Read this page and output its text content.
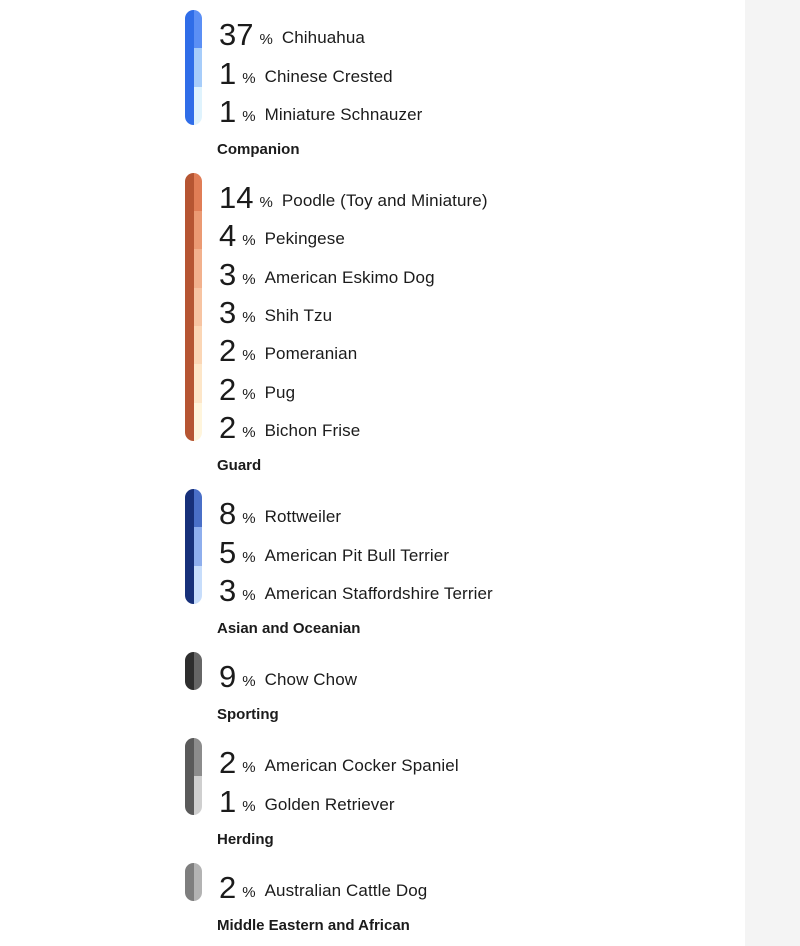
37 % Chihuahua
1 % Chinese Crested
1 % Miniature Schnauzer
Companion
14 % Poodle (Toy and Miniature)
4 % Pekingese
3 % American Eskimo Dog
3 % Shih Tzu
2 % Pomeranian
2 % Pug
2 % Bichon Frise
Guard
8 % Rottweiler
5 % American Pit Bull Terrier
3 % American Staffordshire Terrier
Asian and Oceanian
9 % Chow Chow
Sporting
2 % American Cocker Spaniel
1 % Golden Retriever
Herding
2 % Australian Cattle Dog
Middle Eastern and African
